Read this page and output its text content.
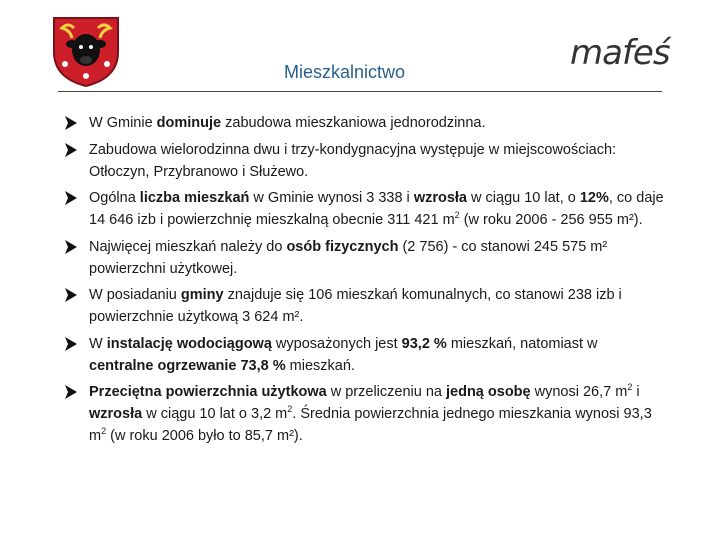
mafeś
Mieszkalnictwo
W Gminie dominuje zabudowa mieszkaniowa jednorodzinna.
Zabudowa wielorodzinna dwu i trzy-kondygnacyjna występuje w miejscowościach: Otłoczyn, Przybranowo i Służewo.
Ogólna liczba mieszkań w Gminie wynosi 3 338 i wzrosła w ciągu 10 lat, o 12%, co daje 14 646 izb i powierzchnię mieszkalną obecnie 311 421 $m^2$ (w roku 2006 - 256 955 m²).
Najwięcej mieszkań należy do osób fizycznych (2 756) - co stanowi 245 575 m² powierzchni użytkowej.
W posiadaniu gminy znajduje się 106 mieszkań komunalnych, co stanowi 238 izb i powierzchnie użytkową 3 624 m².
W instalację wodociągową wyposażonych jest 93,2 % mieszkań, natomiast w centralne ogrzewanie 73,8 % mieszkań.
Przeciętna powierzchnia użytkowa w przeliczeniu na jedną osobę wynosi 26,7 $m^2$ i wzrosła w ciągu 10 lat o 3,2 $m^2$. Średnia powierzchnia jednego mieszkania wynosi 93,3 $m^2$ (w roku 2006 było to 85,7 m²).
